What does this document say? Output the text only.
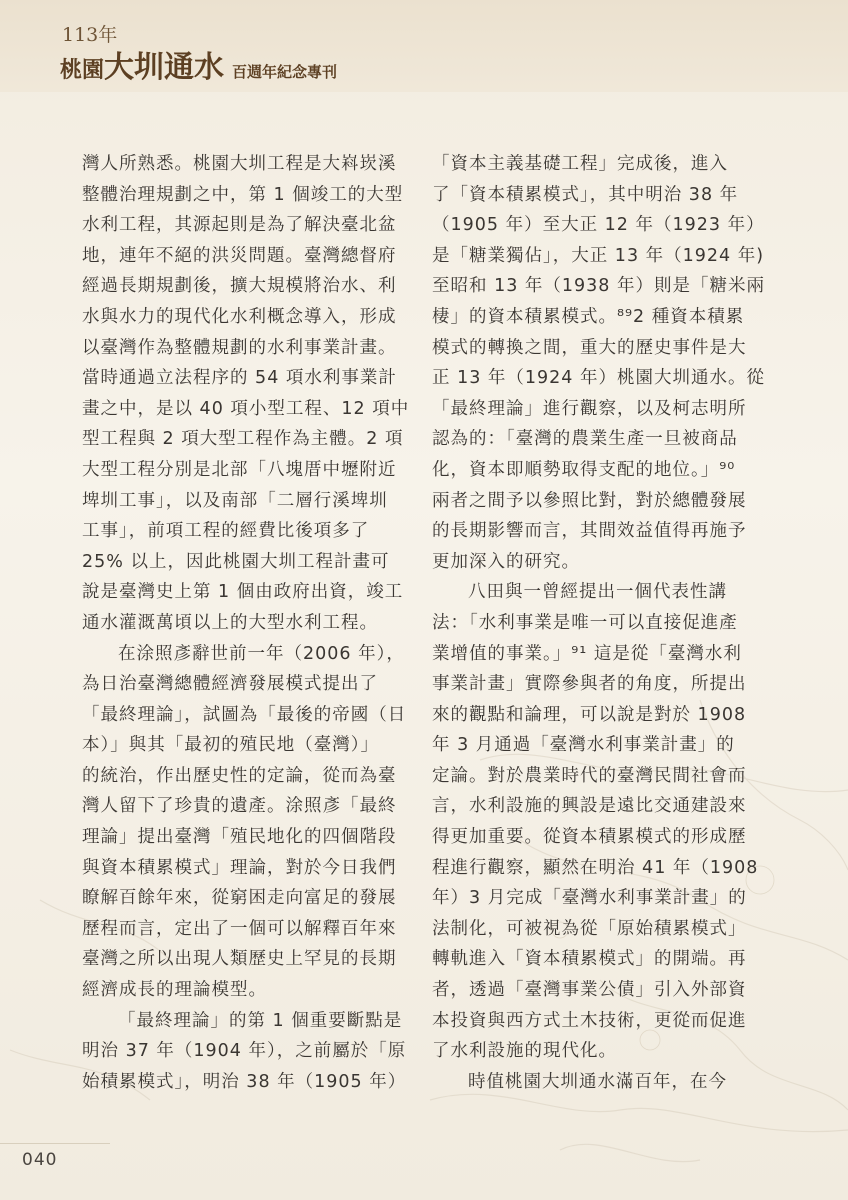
113年
桃園大圳通水 百週年紀念專刊
灣人所熟悉。桃園大圳工程是大嵙崁溪
整體治理規劃之中，第 1 個竣工的大型
水利工程，其源起則是為了解決臺北盆
地，連年不絕的洪災問題。臺灣總督府
經過長期規劃後，擴大規模將治水、利
水與水力的現代化水利概念導入，形成
以臺灣作為整體規劃的水利事業計畫。
當時通過立法程序的 54 項水利事業計
畫之中，是以 40 項小型工程、12 項中
型工程與 2 項大型工程作為主體。2 項
大型工程分別是北部「八塊厝中壢附近
埤圳工事」，以及南部「二層行溪埤圳
工事」，前項工程的經費比後項多了
25% 以上，因此桃園大圳工程計畫可
說是臺灣史上第 1 個由政府出資，竣工
通水灌溉萬頃以上的大型水利工程。
在涂照彥辭世前一年（2006 年），
為日治臺灣總體經濟發展模式提出了
「最終理論」，試圖為「最後的帝國（日
本）」與其「最初的殖民地（臺灣）」
的統治，作出歷史性的定論，從而為臺
灣人留下了珍貴的遺產。涂照彥「最終
理論」提出臺灣「殖民地化的四個階段
與資本積累模式」理論，對於今日我們
瞭解百餘年來，從窮困走向富足的發展
歷程而言，定出了一個可以解釋百年來
臺灣之所以出現人類歷史上罕見的長期
經濟成長的理論模型。
「最終理論」的第 1 個重要斷點是
明治 37 年（1904 年），之前屬於「原
始積累模式」，明治 38 年（1905 年）
「資本主義基礎工程」完成後，進入
了「資本積累模式」，其中明治 38 年
（1905 年）至大正 12 年（1923 年）
是「糖業獨佔」，大正 13 年（1924 年)
至昭和 13 年（1938 年）則是「糖米兩
棲」的資本積累模式。⁸⁹2 種資本積累
模式的轉換之間，重大的歷史事件是大
正 13 年（1924 年）桃園大圳通水。從
「最終理論」進行觀察，以及柯志明所
認為的：「臺灣的農業生產一旦被商品
化，資本即順勢取得支配的地位。」⁹⁰
兩者之間予以參照比對，對於總體發展
的長期影響而言，其間效益值得再施予
更加深入的研究。
八田與一曾經提出一個代表性講
法：「水利事業是唯一可以直接促進產
業增值的事業。」⁹¹ 這是從「臺灣水利
事業計畫」實際參與者的角度，所提出
來的觀點和論理，可以說是對於 1908
年 3 月通過「臺灣水利事業計畫」的
定論。對於農業時代的臺灣民間社會而
言，水利設施的興設是遠比交通建設來
得更加重要。從資本積累模式的形成歷
程進行觀察，顯然在明治 41 年（1908
年）3 月完成「臺灣水利事業計畫」的
法制化，可被視為從「原始積累模式」
轉軌進入「資本積累模式」的開端。再
者，透過「臺灣事業公債」引入外部資
本投資與西方式土木技術，更從而促進
了水利設施的現代化。
時值桃園大圳通水滿百年，在今
040
